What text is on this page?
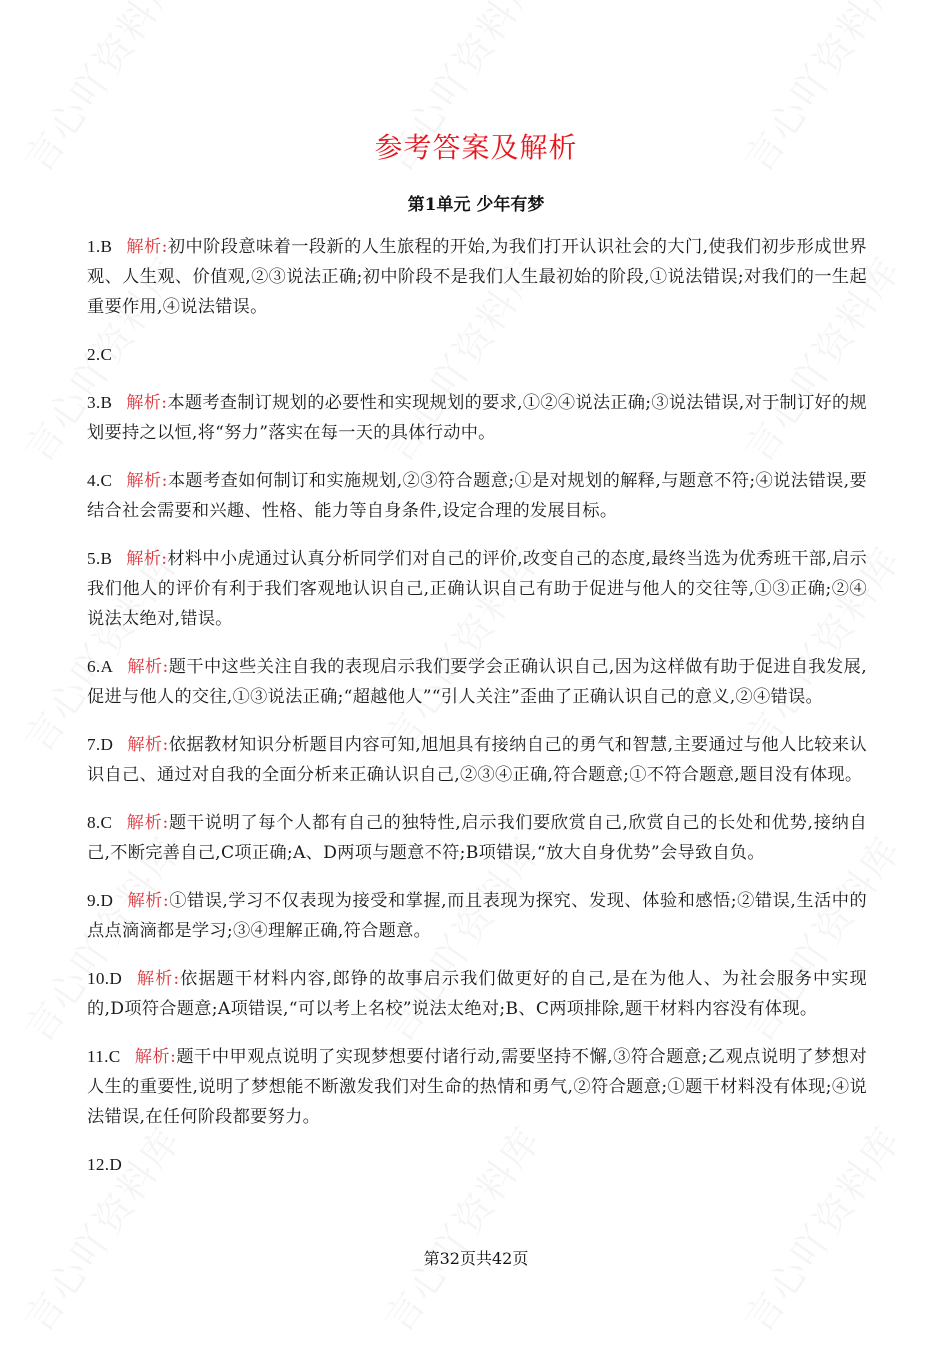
参考答案及解析
第1单元 少年有梦

1.B 解析:初中阶段意味着一段新的人生旅程的开始,为我们打开认识社会的大门,使我们初步形成世界观、人生观、价值观,②③说法正确;初中阶段不是我们人生最初始的阶段,①说法错误;对我们的一生起重要作用,④说法错误。

2.C

3.B 解析:本题考查制订规划的必要性和实现规划的要求,①②④说法正确;③说法错误,对于制订好的规划要持之以恒,将“努力”落实在每一天的具体行动中。

4.C 解析:本题考查如何制订和实施规划,②③符合题意;①是对规划的解释,与题意不符;④说法错误,要结合社会需要和兴趣、性格、能力等自身条件,设定合理的发展目标。

5.B 解析:材料中小虎通过认真分析同学们对自己的评价,改变自己的态度,最终当选为优秀班干部,启示我们他人的评价有利于我们客观地认识自己,正确认识自己有助于促进与他人的交往等,①③正确;②④说法太绝对,错误。

6.A 解析:题干中这些关注自我的表现启示我们要学会正确认识自己,因为这样做有助于促进自我发展,促进与他人的交往,①③说法正确;“超越他人”“引人关注”歪曲了正确认识自己的意义,②④错误。

7.D 解析:依据教材知识分析题目内容可知,旭旭具有接纳自己的勇气和智慧,主要通过与他人比较来认识自己、通过对自我的全面分析来正确认识自己,②③④正确,符合题意;①不符合题意,题目没有体现。

8.C 解析:题干说明了每个人都有自己的独特性,启示我们要欣赏自己,欣赏自己的长处和优势,接纳自己,不断完善自己,C项正确;A、D两项与题意不符;B项错误,“放大自身优势”会导致自负。

9.D 解析:①错误,学习不仅表现为接受和掌握,而且表现为探究、发现、体验和感悟;②错误,生活中的点点滴滴都是学习;③④理解正确,符合题意。

10.D 解析:依据题干材料内容,郎铮的故事启示我们做更好的自己,是在为他人、为社会服务中实现的,D项符合题意;A项错误,“可以考上名校”说法太绝对;B、C两项排除,题干材料内容没有体现。

11.C 解析:题干中甲观点说明了实现梦想要付诸行动,需要坚持不懈,③符合题意;乙观点说明了梦想对人生的重要性,说明了梦想能不断激发我们对生命的热情和勇气,②符合题意;①题干材料没有体现;④说法错误,在任何阶段都要努力。

12.D

第32页共42页
